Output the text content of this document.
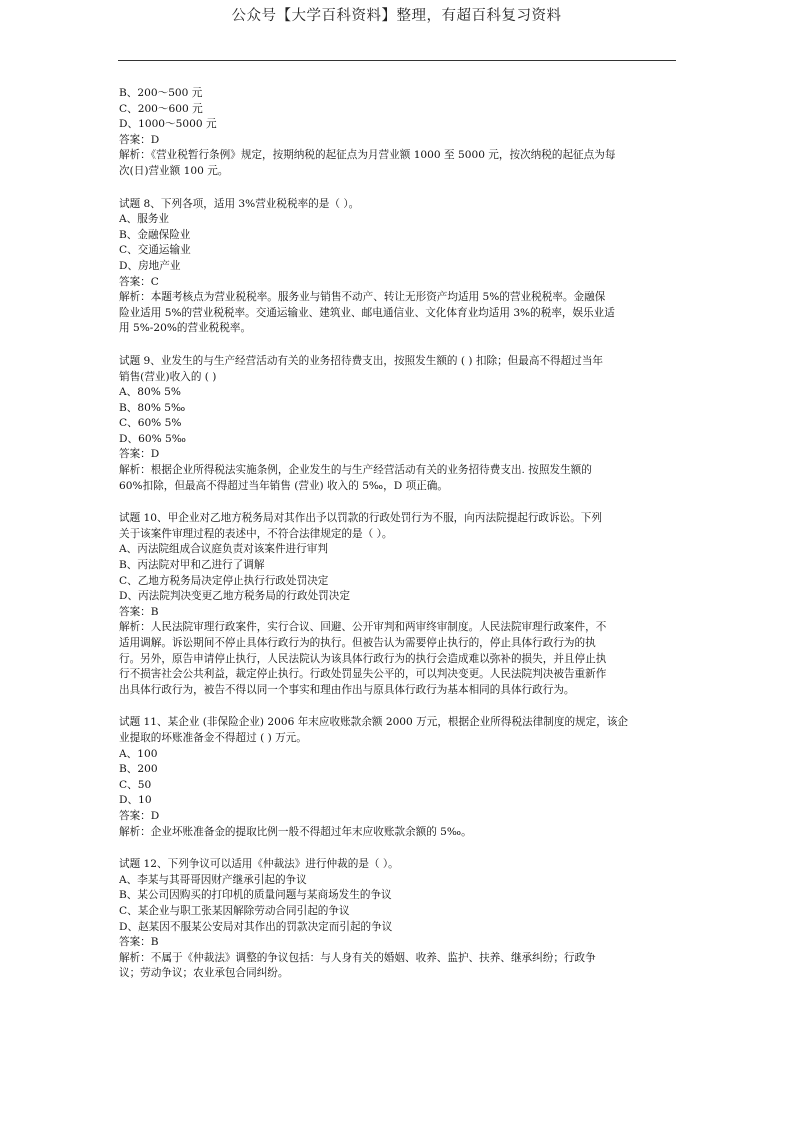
公众号【大学百科资料】整理，有超百科复习资料
B、200～500 元
C、200～600 元
D、1000～5000 元
答案：D
解析：《营业税暂行条例》规定，按期纳税的起征点为月营业额 1000 至 5000 元，按次纳税的起征点为每
次(日)营业额 100 元。
试题 8、下列各项，适用 3%营业税税率的是（ ）。
A、服务业
B、金融保险业
C、交通运输业
D、房地产业
答案：C
解析：本题考核点为营业税税率。服务业与销售不动产、转让无形资产均适用 5%的营业税税率。金融保
险业适用 5%的营业税税率。交通运输业、建筑业、邮电通信业、文化体育业均适用 3%的税率，娱乐业适
用 5%-20%的营业税税率。
试题 9、业发生的与生产经营活动有关的业务招待费支出，按照发生额的 ( ) 扣除；但最高不得超过当年
销售(营业)收入的 ( )
A、80% 5%
B、80% 5‰
C、60% 5%
D、60% 5‰
答案：D
解析：根据企业所得税法实施条例，企业发生的与生产经营活动有关的业务招待费支出. 按照发生额的
60%扣除，但最高不得超过当年销售 (营业) 收入的 5‰，D 项正确。
试题 10、甲企业对乙地方税务局对其作出予以罚款的行政处罚行为不服，向丙法院提起行政诉讼。下列
关于该案件审理过程的表述中，不符合法律规定的是（ ）。
A、丙法院组成合议庭负责对该案件进行审判
B、丙法院对甲和乙进行了调解
C、乙地方税务局决定停止执行行政处罚决定
D、丙法院判决变更乙地方税务局的行政处罚决定
答案：B
解析：人民法院审理行政案件，实行合议、回避、公开审判和两审终审制度。人民法院审理行政案件，不
适用调解。诉讼期间不停止具体行政行为的执行。但被告认为需要停止执行的，停止具体行政行为的执
行。另外，原告申请停止执行，人民法院认为该具体行政行为的执行会造成难以弥补的损失，并且停止执
行不损害社会公共利益，裁定停止执行。行政处罚显失公平的，可以判决变更。人民法院判决被告重新作
出具体行政行为，被告不得以同一个事实和理由作出与原具体行政行为基本相同的具体行政行为。
试题 11、某企业 (非保险企业) 2006 年末应收账款余额 2000 万元，根据企业所得税法律制度的规定，该企
业提取的坏账准备金不得超过 ( ) 万元。
A、100
B、200
C、50
D、10
答案：D
解析：企业坏账准备金的提取比例一般不得超过年末应收账款余额的 5‰。
试题 12、下列争议可以适用《仲裁法》进行仲裁的是（ ）。
A、李某与其哥哥因财产继承引起的争议
B、某公司因购买的打印机的质量问题与某商场发生的争议
C、某企业与职工张某因解除劳动合同引起的争议
D、赵某因不服某公安局对其作出的罚款决定而引起的争议
答案：B
解析：不属于《仲裁法》调整的争议包括：与人身有关的婚姻、收养、监护、扶养、继承纠纷；行政争
议；劳动争议；农业承包合同纠纷。
